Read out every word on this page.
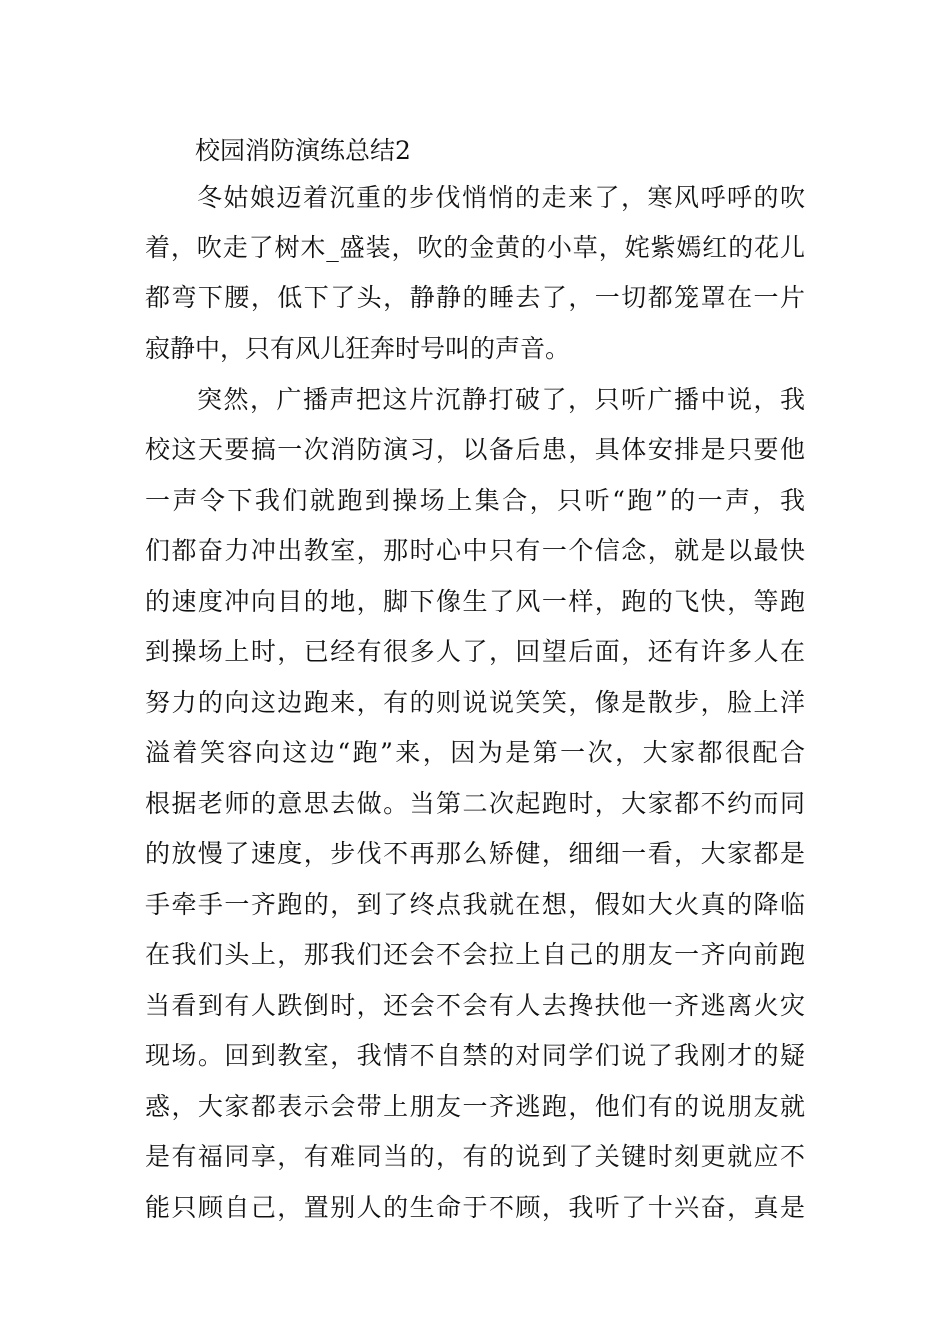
校园消防演练总结2

冬姑娘迈着沉重的步伐悄悄的走来了，寒风呼呼的吹

着，吹走了树木_盛装，吹的金黄的小草，姹紫嫣红的花儿

都弯下腰，低下了头，静静的睡去了，一切都笼罩在一片

寂静中，只有风儿狂奔时号叫的声音。

突然，广播声把这片沉静打破了，只听广播中说，我

校这天要搞一次消防演习，以备后患，具体安排是只要他

一声令下我们就跑到操场上集合，只听“跑”的一声，我

们都奋力冲出教室，那时心中只有一个信念，就是以最快

的速度冲向目的地，脚下像生了风一样，跑的飞快，等跑

到操场上时，已经有很多人了，回望后面，还有许多人在

努力的向这边跑来，有的则说说笑笑，像是散步，脸上洋

溢着笑容向这边“跑”来，因为是第一次，大家都很配合

根据老师的意思去做。当第二次起跑时，大家都不约而同

的放慢了速度，步伐不再那么矫健，细细一看，大家都是

手牵手一齐跑的，到了终点我就在想，假如大火真的降临

在我们头上，那我们还会不会拉上自己的朋友一齐向前跑

当看到有人跌倒时，还会不会有人去搀扶他一齐逃离火灾

现场。回到教室，我情不自禁的对同学们说了我刚才的疑

惑，大家都表示会带上朋友一齐逃跑，他们有的说朋友就

是有福同享，有难同当的，有的说到了关键时刻更就应不

能只顾自己，置别人的生命于不顾，我听了十兴奋，真是
